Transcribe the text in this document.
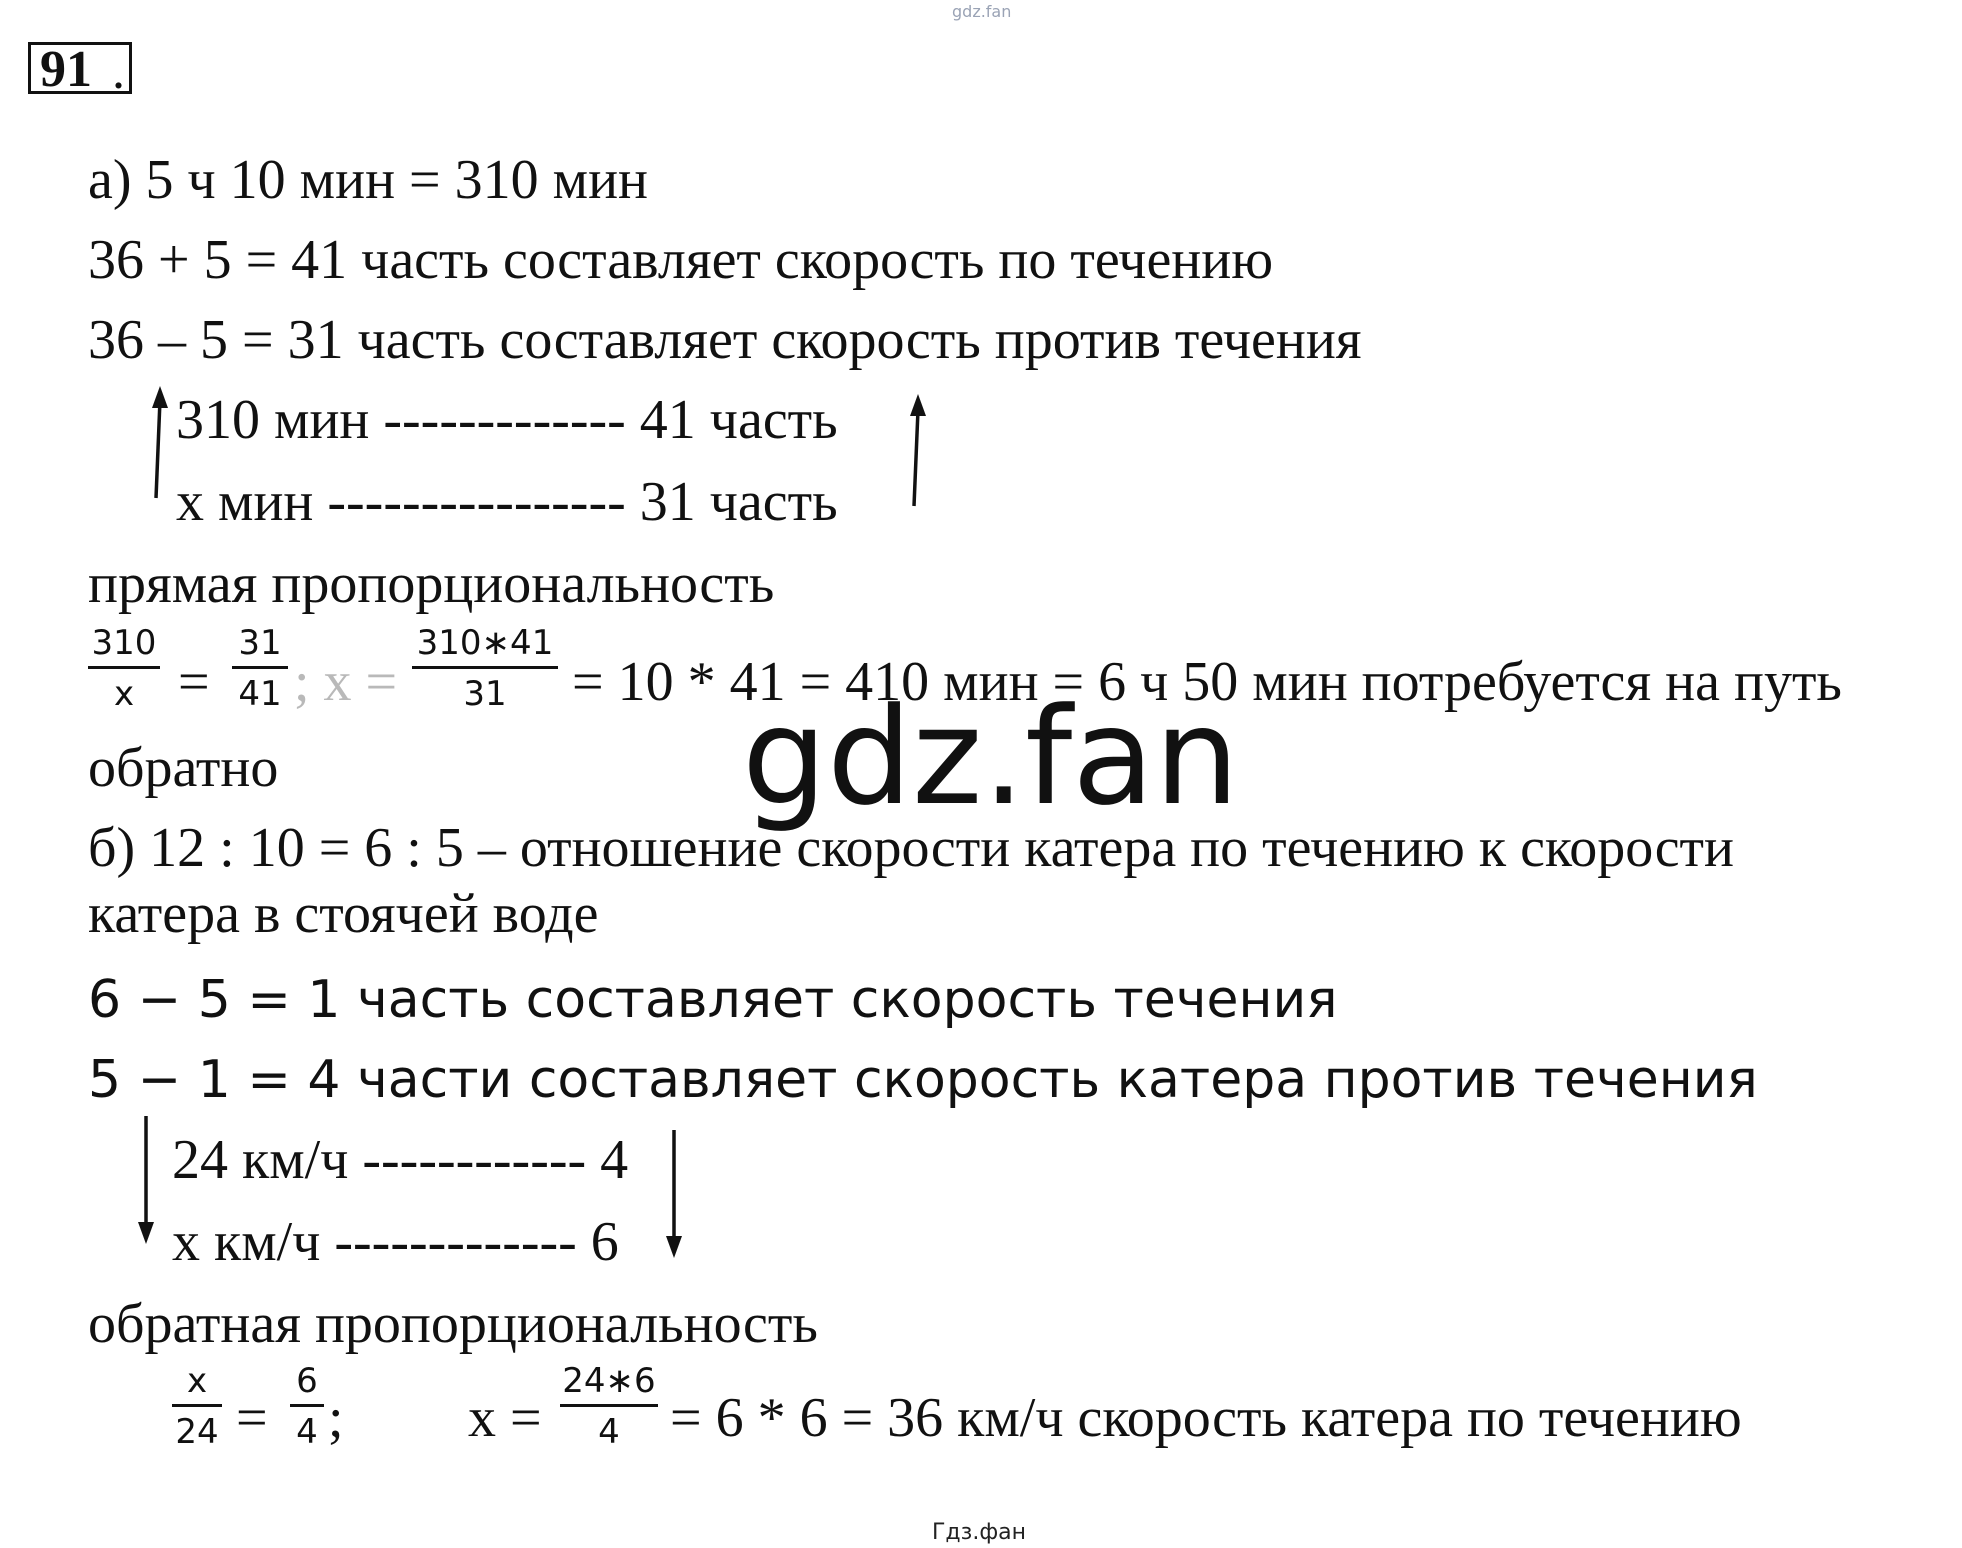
gdz.fan
91 .
а) 5 ч 10 мин = 310 мин
36 + 5 = 41 часть составляет скорость по течению
36 – 5 = 31 часть составляет скорость против течения
310 мин ------------- 41 часть
х мин ---------------- 31 часть
прямая пропорциональность
310
x =
31
41 ; х =
310∗41
31	= 10 * 41 = 410 мин = 6 ч 50 мин потребуется на путь
обратно	gdz.fan
б) 12 : 10 = 6 : 5 – отношение скорости катера по течению к скорости
катера в стоячей воде
6 − 5 = 1 часть составляет скорость течения
5 − 1 = 4 части составляет скорость катера против течения
24 км/ч ------------ 4
х км/ч ------------- 6
обратная пропорциональность
x
24 =
6
4 ; x =
24∗6
4 = 6 * 6 = 36 км/ч скорость катера по течению
Гдз.фан
